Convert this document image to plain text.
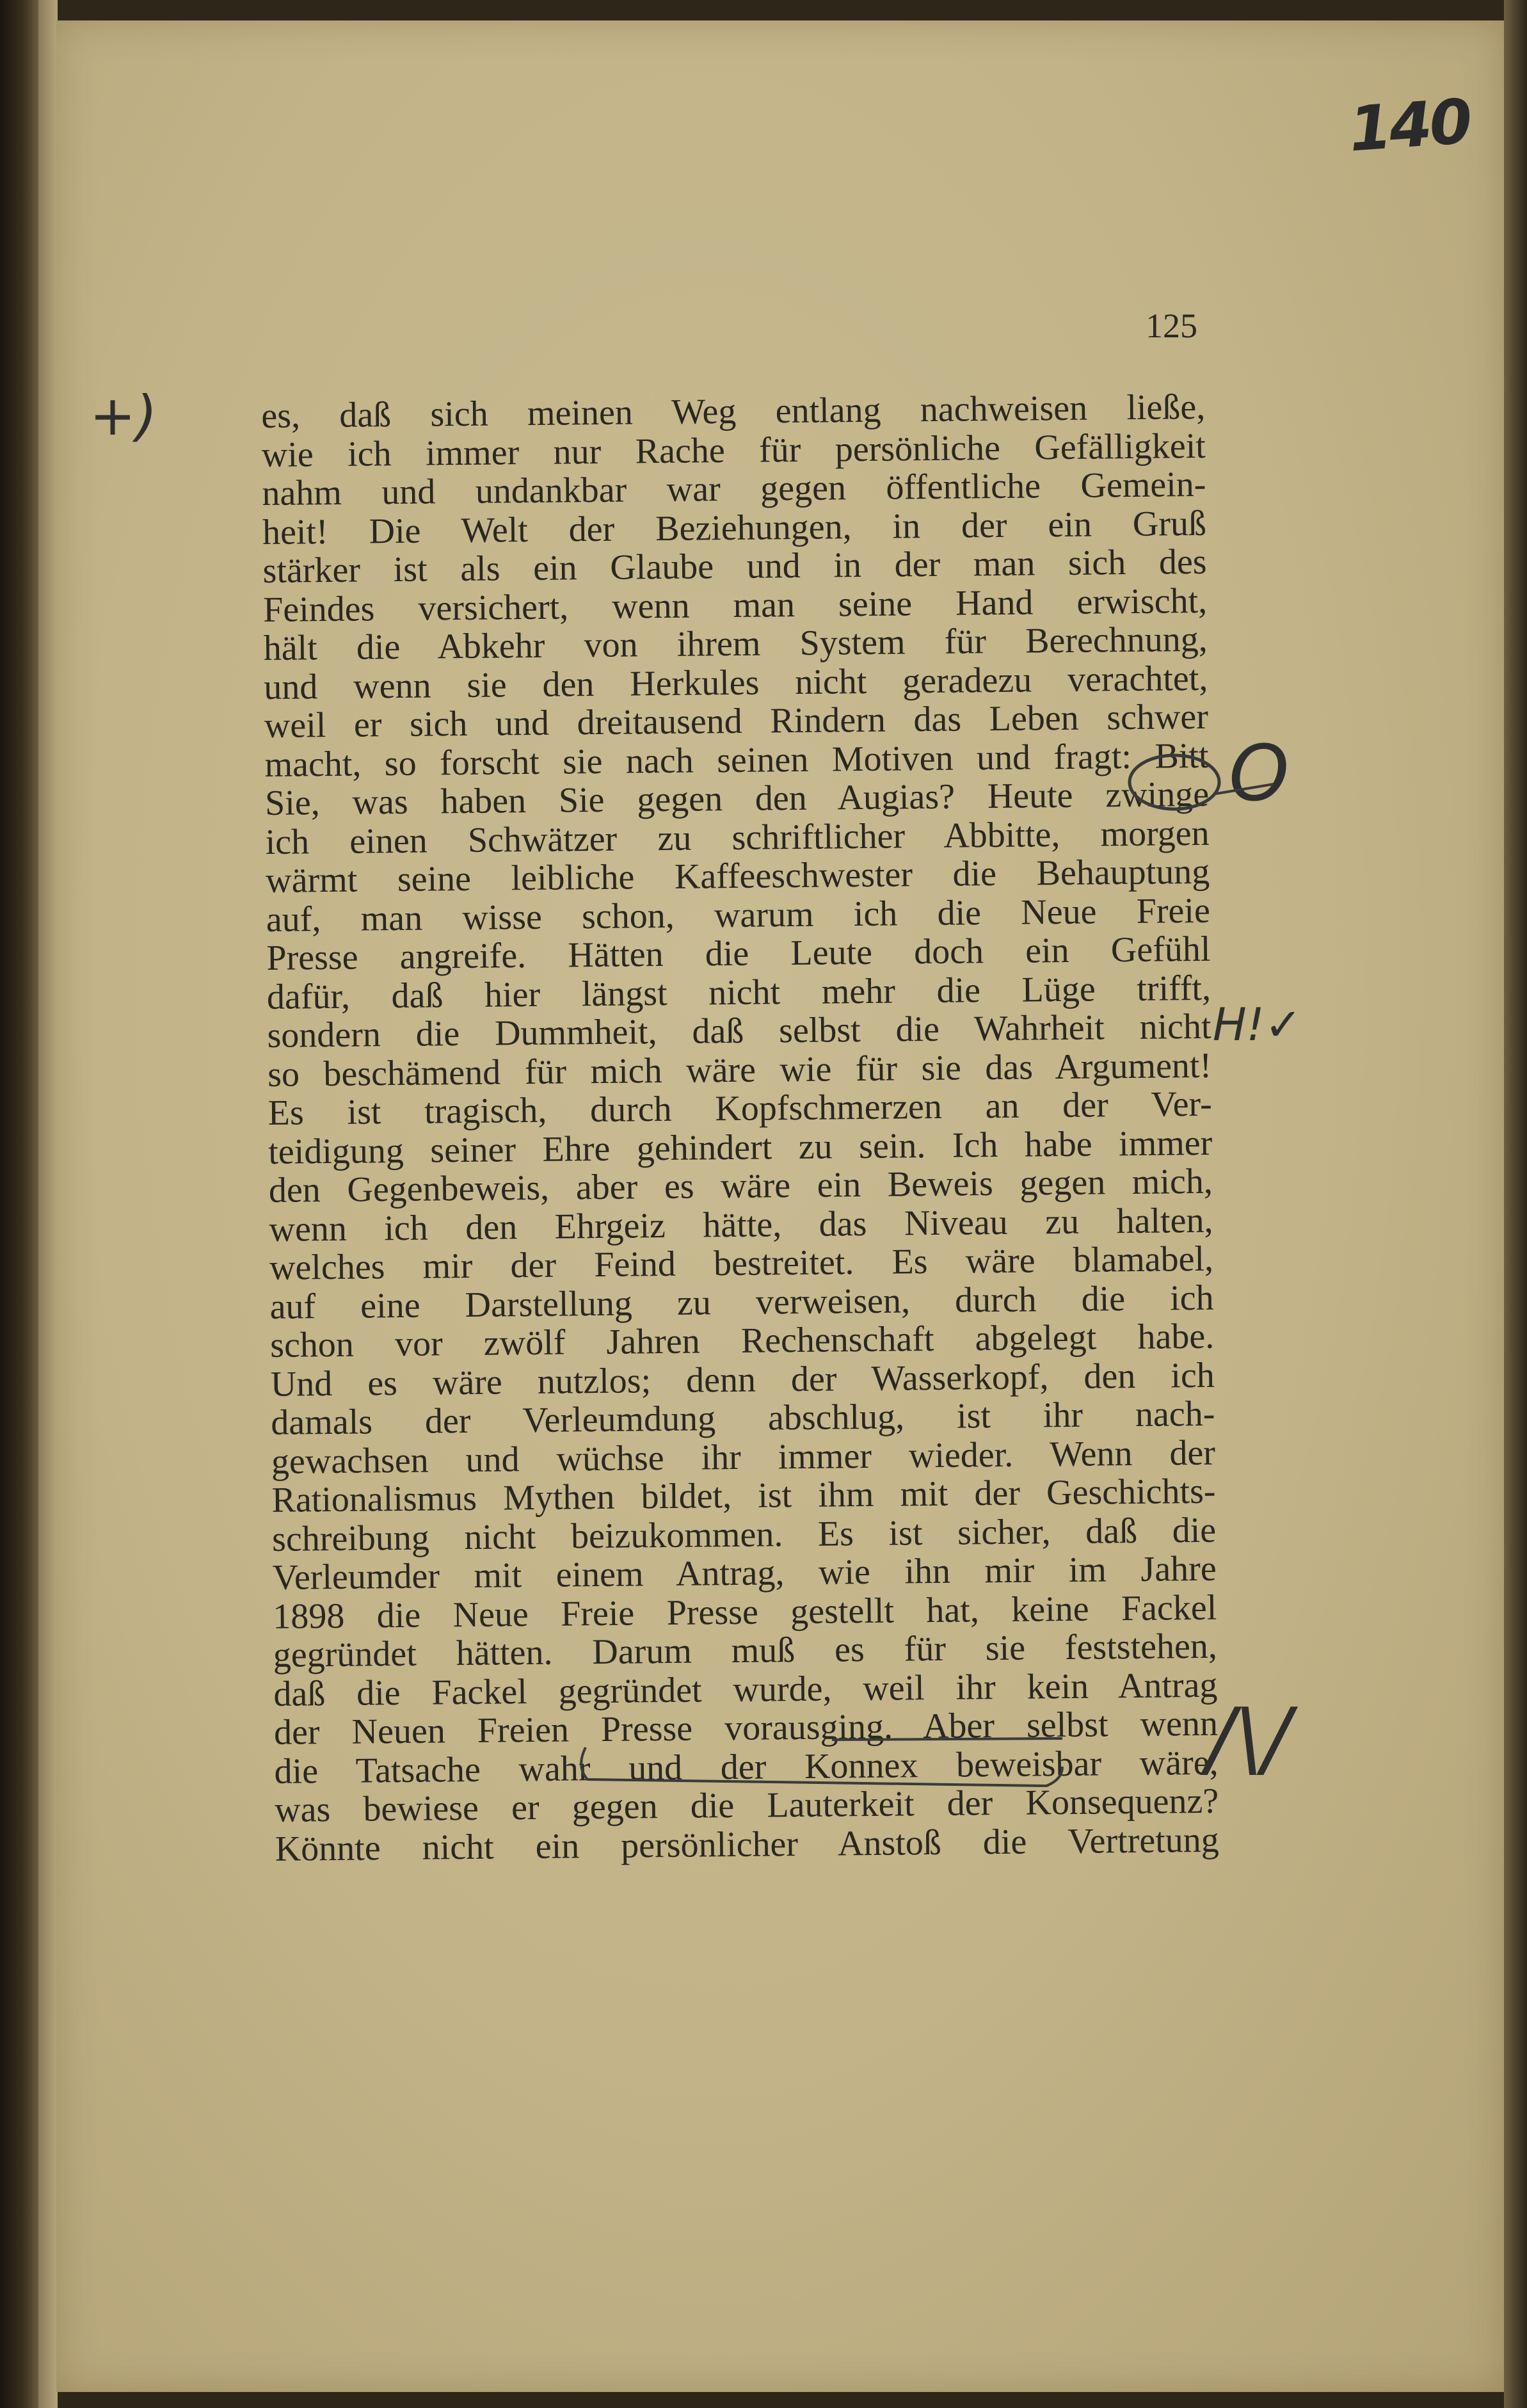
140
125
es, daß sich meinen Weg entlang nachweisen ließe,
wie ich immer nur Rache für persönliche Gefälligkeit
nahm und undankbar war gegen öffentliche Gemein-
heit! Die Welt der Beziehungen, in der ein Gruß
stärker ist als ein Glaube und in der man sich des
Feindes versichert, wenn man seine Hand erwischt,
hält die Abkehr von ihrem System für Berechnung,
und wenn sie den Herkules nicht geradezu verachtet,
weil er sich und dreitausend Rindern das Leben schwer
macht, so forscht sie nach seinen Motiven und fragt: Bitt
Sie, was haben Sie gegen den Augias? Heute zwinge
ich einen Schwätzer zu schriftlicher Abbitte, morgen
wärmt seine leibliche Kaffeeschwester die Behauptung
auf, man wisse schon, warum ich die Neue Freie
Presse angreife. Hätten die Leute doch ein Gefühl
dafür, daß hier längst nicht mehr die Lüge trifft,
sondern die Dummheit, daß selbst die Wahrheit nicht
so beschämend für mich wäre wie für sie das Argument!
Es ist tragisch, durch Kopfschmerzen an der Ver-
teidigung seiner Ehre gehindert zu sein. Ich habe immer
den Gegenbeweis, aber es wäre ein Beweis gegen mich,
wenn ich den Ehrgeiz hätte, das Niveau zu halten,
welches mir der Feind bestreitet. Es wäre blamabel,
auf eine Darstellung zu verweisen, durch die ich
schon vor zwölf Jahren Rechenschaft abgelegt habe.
Und es wäre nutzlos; denn der Wasserkopf, den ich
damals der Verleumdung abschlug, ist ihr nach-
gewachsen und wüchse ihr immer wieder. Wenn der
Rationalismus Mythen bildet, ist ihm mit der Geschichts-
schreibung nicht beizukommen. Es ist sicher, daß die
Verleumder mit einem Antrag, wie ihn mir im Jahre
1898 die Neue Freie Presse gestellt hat, keine Fackel
gegründet hätten. Darum muß es für sie feststehen,
daß die Fackel gegründet wurde, weil ihr kein Antrag
der Neuen Freien Presse vorausging. Aber selbst wenn
die Tatsache wahr und der Konnex beweisbar wäre,
was bewiese er gegen die Lauterkeit der Konsequenz?
Könnte nicht ein persönlicher Anstoß die Vertretung
+)
O
H!✓
/\/
